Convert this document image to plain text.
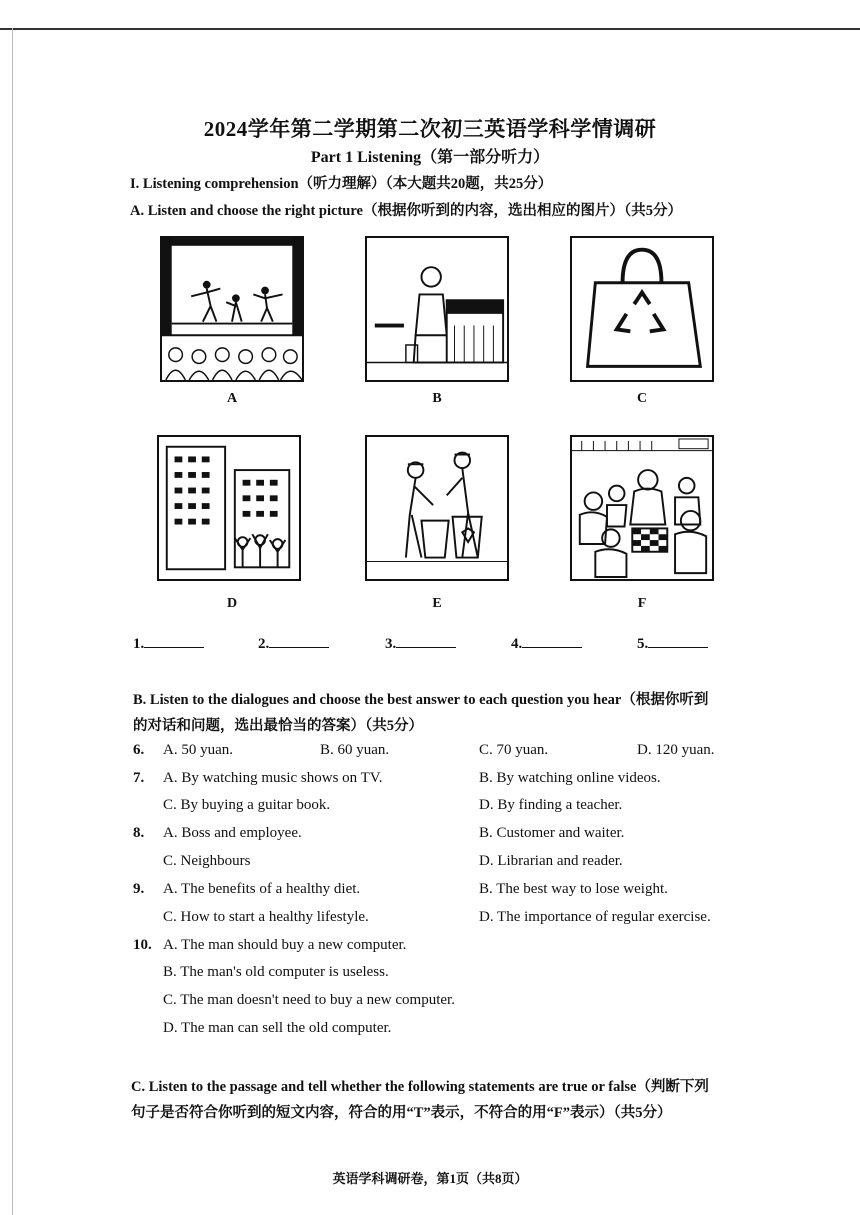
2024学年第二学期第二次初三英语学科学情调研
Part 1 Listening（第一部分听力）
I. Listening comprehension（听力理解）（本大题共20题，共25分）
A. Listen and choose the right picture（根据你听到的内容，选出相应的图片）（共5分）
A	B	C
D	E	F
1.	2.	3.	4.	5.
B. Listen to the dialogues and choose the best answer to each question you hear（根据你听到
的对话和问题，选出最恰当的答案）（共5分）
6. A. 50 yuan.	B. 60 yuan.	C. 70 yuan.	D. 120 yuan.
7. A. By watching music shows on TV.	B. By watching online videos.
C. By buying a guitar book.	D. By finding a teacher.
8. A. Boss and employee.	B. Customer and waiter.
C. Neighbours	D. Librarian and reader.
9. A. The benefits of a healthy diet.	B. The best way to lose weight.
C. How to start a healthy lifestyle.	D. The importance of regular exercise.
10. A. The man should buy a new computer.
B. The man's old computer is useless.
C. The man doesn't need to buy a new computer.
D. The man can sell the old computer.
C. Listen to the passage and tell whether the following statements are true or false（判断下列
句子是否符合你听到的短文内容，符合的用“T”表示，不符合的用“F”表示）（共5分）
英语学科调研卷，第1页（共8页）
